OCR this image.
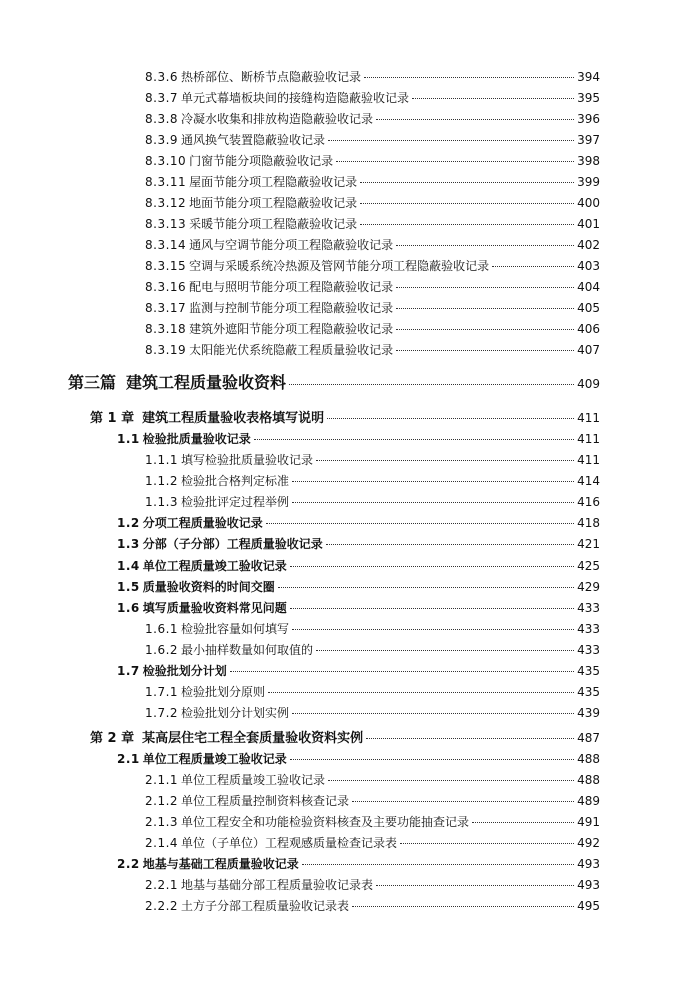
8.3.6 热桥部位、断桥节点隐蔽验收记录	394
8.3.7 单元式幕墙板块间的接缝构造隐蔽验收记录	395
8.3.8 冷凝水收集和排放构造隐蔽验收记录	396
8.3.9 通风换气装置隐蔽验收记录	397
8.3.10 门窗节能分项隐蔽验收记录	398
8.3.11 屋面节能分项工程隐蔽验收记录	399
8.3.12 地面节能分项工程隐蔽验收记录	400
8.3.13 采暖节能分项工程隐蔽验收记录	401
8.3.14 通风与空调节能分项工程隐蔽验收记录	402
8.3.15 空调与采暖系统冷热源及管网节能分项工程隐蔽验收记录	403
8.3.16 配电与照明节能分项工程隐蔽验收记录	404
8.3.17 监测与控制节能分项工程隐蔽验收记录	405
8.3.18 建筑外遮阳节能分项工程隐蔽验收记录	406
8.3.19 太阳能光伏系统隐蔽工程质量验收记录	407
第三篇 建筑工程质量验收资料	409
第 1 章 建筑工程质量验收表格填写说明	411
1.1 检验批质量验收记录	411
1.1.1 填写检验批质量验收记录	411
1.1.2 检验批合格判定标准	414
1.1.3 检验批评定过程举例	416
1.2 分项工程质量验收记录	418
1.3 分部（子分部）工程质量验收记录	421
1.4 单位工程质量竣工验收记录	425
1.5 质量验收资料的时间交圈	429
1.6 填写质量验收资料常见问题	433
1.6.1 检验批容量如何填写	433
1.6.2 最小抽样数量如何取值的	433
1.7 检验批划分计划	435
1.7.1 检验批划分原则	435
1.7.2 检验批划分计划实例	439
第 2 章 某高层住宅工程全套质量验收资料实例	487
2.1 单位工程质量竣工验收记录	488
2.1.1 单位工程质量竣工验收记录	488
2.1.2 单位工程质量控制资料核查记录	489
2.1.3 单位工程安全和功能检验资料核查及主要功能抽查记录	491
2.1.4 单位（子单位）工程观感质量检查记录表	492
2.2 地基与基础工程质量验收记录	493
2.2.1 地基与基础分部工程质量验收记录表	493
2.2.2 土方子分部工程质量验收记录表	495
